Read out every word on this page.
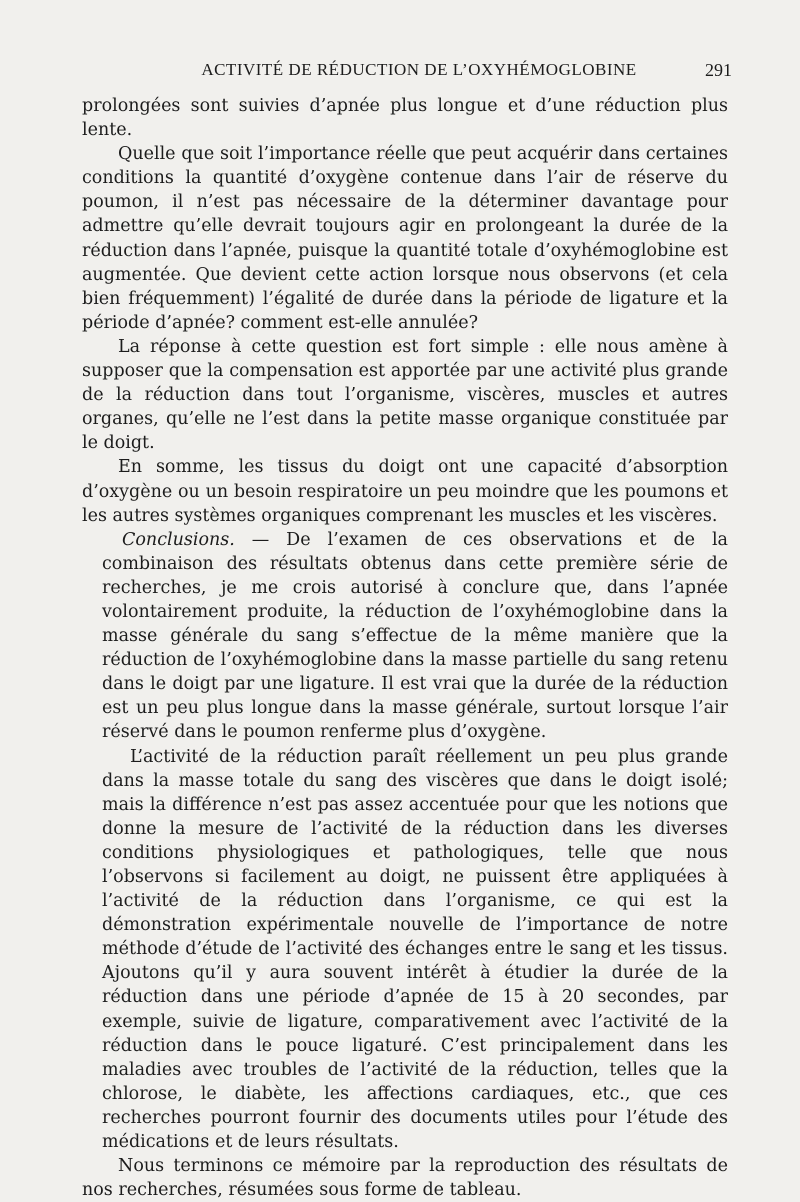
ACTIVITÉ DE RÉDUCTION DE L’OXYHÉMOGLOBINE	291

prolongées sont suivies d’apnée plus longue et d’une réduction plus lente.

Quelle que soit l’importance réelle que peut acquérir dans certaines conditions la quantité d’oxygène contenue dans l’air de réserve du poumon, il n’est pas nécessaire de la déterminer davantage pour admettre qu’elle devrait toujours agir en prolongeant la durée de la réduction dans l’apnée, puisque la quantité totale d’oxyhémoglobine est augmentée. Que devient cette action lorsque nous observons (et cela bien fréquemment) l’égalité de durée dans la période de ligature et la période d’apnée? comment est-elle annulée?

La réponse à cette question est fort simple : elle nous amène à supposer que la compensation est apportée par une activité plus grande de la réduction dans tout l’organisme, viscères, muscles et autres organes, qu’elle ne l’est dans la petite masse organique constituée par le doigt.

En somme, les tissus du doigt ont une capacité d’absorption d’oxygène ou un besoin respiratoire un peu moindre que les poumons et les autres systèmes organiques comprenant les muscles et les viscères.

Conclusions. — De l’examen de ces observations et de la combinaison des résultats obtenus dans cette première série de recherches, je me crois autorisé à conclure que, dans l’apnée volontairement produite, la réduction de l’oxyhémoglobine dans la masse générale du sang s’effectue de la même manière que la réduction de l’oxyhémoglobine dans la masse partielle du sang retenu dans le doigt par une ligature. Il est vrai que la durée de la réduction est un peu plus longue dans la masse générale, surtout lorsque l’air réservé dans le poumon renferme plus d’oxygène.

L’activité de la réduction paraît réellement un peu plus grande dans la masse totale du sang des viscères que dans le doigt isolé; mais la différence n’est pas assez accentuée pour que les notions que donne la mesure de l’activité de la réduction dans les diverses conditions physiologiques et pathologiques, telle que nous l’observons si facilement au doigt, ne puissent être appliquées à l’activité de la réduction dans l’organisme, ce qui est la démonstration expérimentale nouvelle de l’importance de notre méthode d’étude de l’activité des échanges entre le sang et les tissus. Ajoutons qu’il y aura souvent intérêt à étudier la durée de la réduction dans une période d’apnée de 15 à 20 secondes, par exemple, suivie de ligature, comparativement avec l’activité de la réduction dans le pouce ligaturé. C’est principalement dans les maladies avec troubles de l’activité de la réduction, telles que la chlorose, le diabète, les affections cardiaques, etc., que ces recherches pourront fournir des documents utiles pour l’étude des médications et de leurs résultats.

Nous terminons ce mémoire par la reproduction des résultats de nos recherches, résumées sous forme de tableau.
